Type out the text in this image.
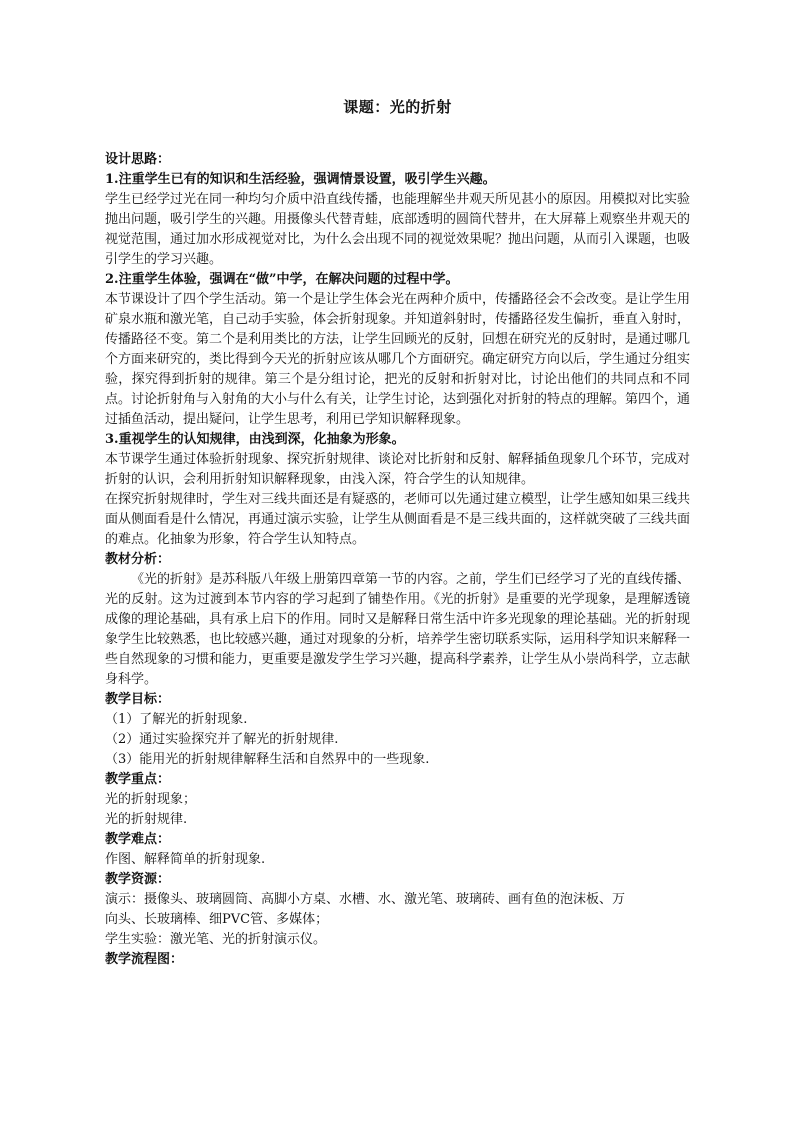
课题：光的折射

设计思路：

1.注重学生已有的知识和生活经验，强调情景设置，吸引学生兴趣。

学生已经学过光在同一种均匀介质中沿直线传播，也能理解坐井观天所见甚小的原因。用模拟对比实验抛出问题，吸引学生的兴趣。用摄像头代替青蛙，底部透明的圆筒代替井，在大屏幕上观察坐井观天的视觉范围，通过加水形成视觉对比，为什么会出现不同的视觉效果呢？抛出问题，从而引入课题，也吸引学生的学习兴趣。

2.注重学生体验，强调在“做”中学，在解决问题的过程中学。

本节课设计了四个学生活动。第一个是让学生体会光在两种介质中，传播路径会不会改变。是让学生用矿泉水瓶和激光笔，自己动手实验，体会折射现象。并知道斜射时，传播路径发生偏折，垂直入射时，传播路径不变。第二个是利用类比的方法，让学生回顾光的反射，回想在研究光的反射时，是通过哪几个方面来研究的，类比得到今天光的折射应该从哪几个方面研究。确定研究方向以后，学生通过分组实验，探究得到折射的规律。第三个是分组讨论，把光的反射和折射对比，讨论出他们的共同点和不同点。讨论折射角与入射角的大小与什么有关，让学生讨论，达到强化对折射的特点的理解。第四个，通过插鱼活动，提出疑问，让学生思考，利用已学知识解释现象。

3.重视学生的认知规律，由浅到深，化抽象为形象。

本节课学生通过体验折射现象、探究折射规律、谈论对比折射和反射、解释插鱼现象几个环节，完成对折射的认识，会利用折射知识解释现象，由浅入深，符合学生的认知规律。

在探究折射规律时，学生对三线共面还是有疑惑的，老师可以先通过建立模型，让学生感知如果三线共面从侧面看是什么情况，再通过演示实验，让学生从侧面看是不是三线共面的，这样就突破了三线共面的难点。化抽象为形象，符合学生认知特点。

教材分析：

《光的折射》是苏科版八年级上册第四章第一节的内容。之前，学生们已经学习了光的直线传播、光的反射。这为过渡到本节内容的学习起到了铺垫作用。《光的折射》是重要的光学现象，是理解透镜成像的理论基础，具有承上启下的作用。同时又是解释日常生活中许多光现象的理论基础。光的折射现象学生比较熟悉，也比较感兴趣，通过对现象的分析，培养学生密切联系实际，运用科学知识来解释一些自然现象的习惯和能力，更重要是激发学生学习兴趣，提高科学素养，让学生从小崇尚科学，立志献身科学。

教学目标：

（1）了解光的折射现象.

（2）通过实验探究并了解光的折射规律.

（3）能用光的折射规律解释生活和自然界中的一些现象.

教学重点：

光的折射现象；

光的折射规律.

教学难点：

作图、解释简单的折射现象.

教学资源：

演示：摄像头、玻璃圆筒、高脚小方桌、水槽、水、激光笔、玻璃砖、画有鱼的泡沫板、万

向头、长玻璃棒、细PVC管、多媒体；

学生实验：激光笔、光的折射演示仪。

教学流程图：
